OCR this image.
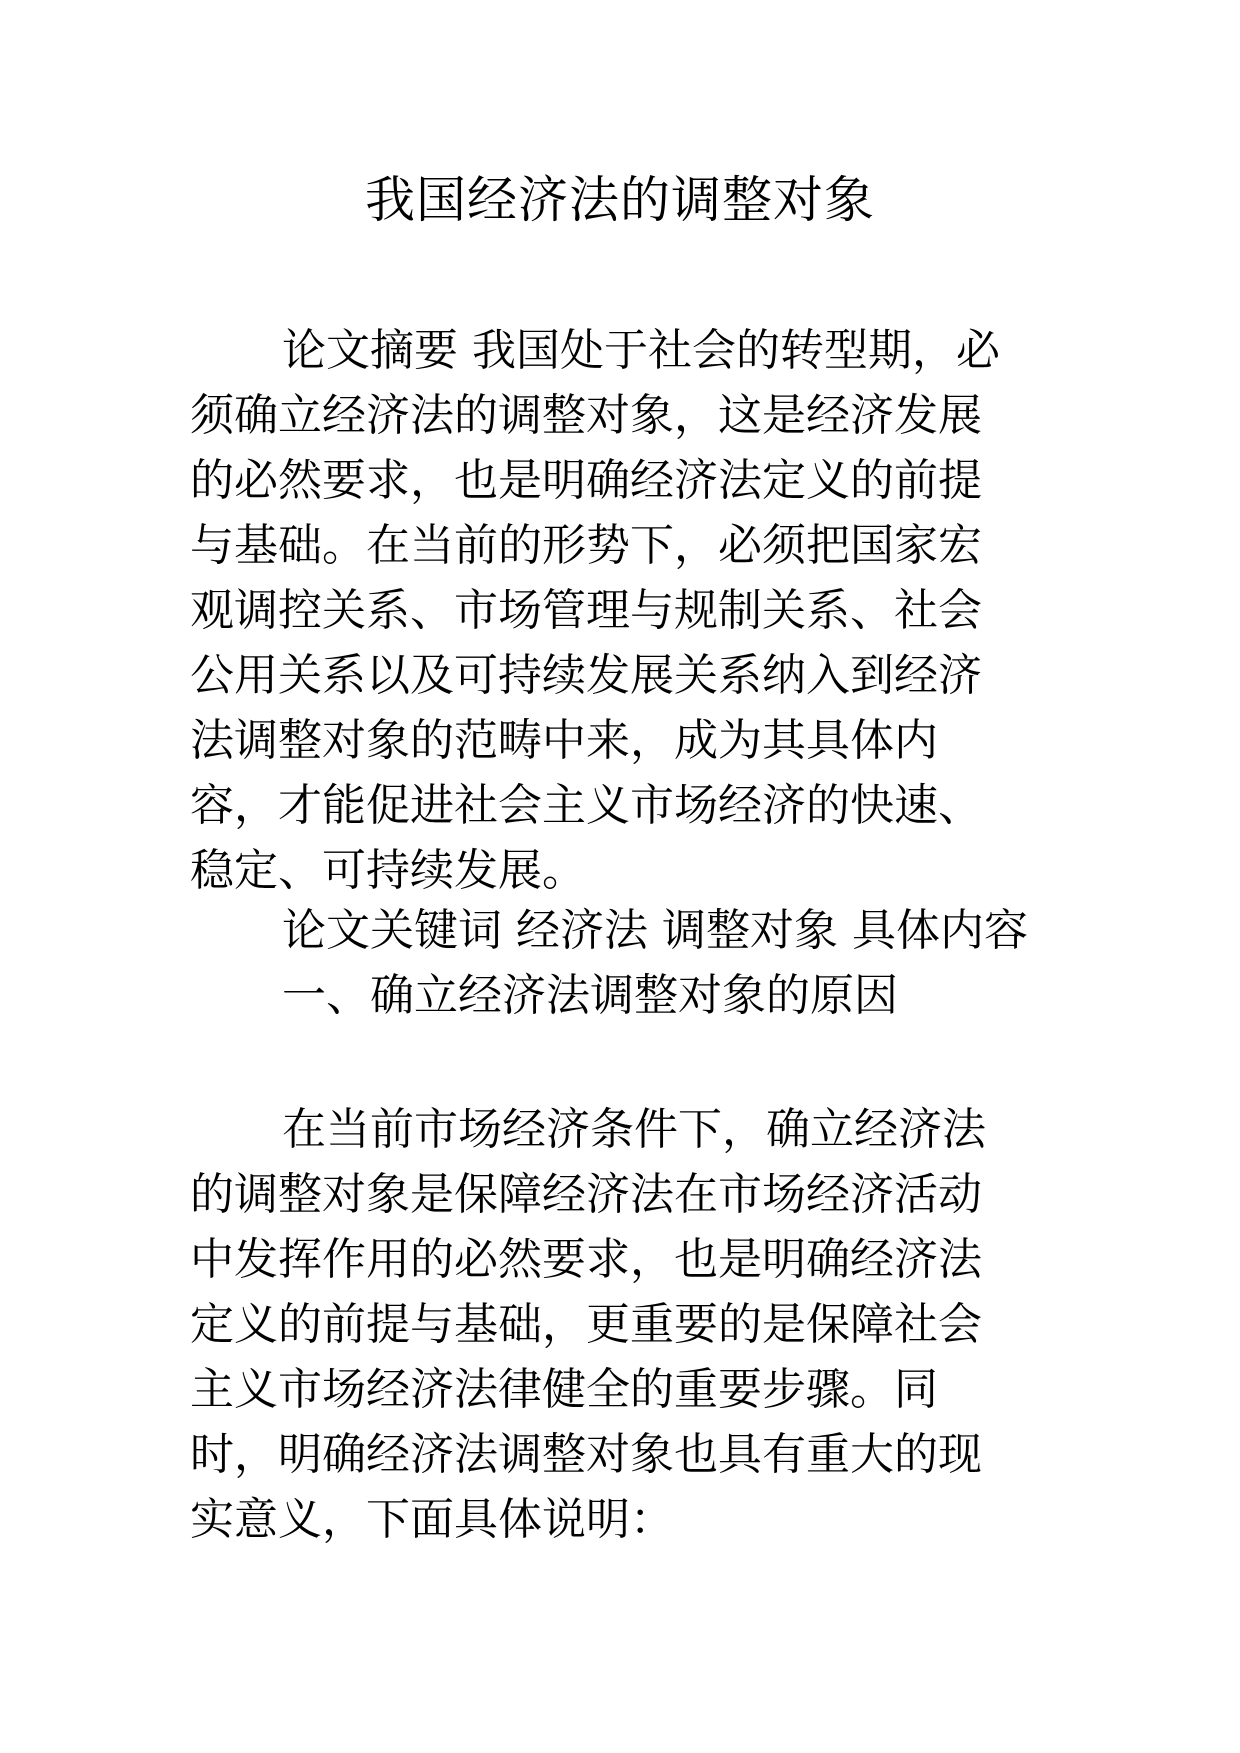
我国经济法的调整对象
论文摘要 我国处于社会的转型期，必
须确立经济法的调整对象，这是经济发展
的必然要求，也是明确经济法定义的前提
与基础。在当前的形势下，必须把国家宏
观调控关系、市场管理与规制关系、社会
公用关系以及可持续发展关系纳入到经济
法调整对象的范畴中来，成为其具体内
容，才能促进社会主义市场经济的快速、
稳定、可持续发展。
论文关键词 经济法 调整对象 具体内容
一、确立经济法调整对象的原因
在当前市场经济条件下，确立经济法
的调整对象是保障经济法在市场经济活动
中发挥作用的必然要求，也是明确经济法
定义的前提与基础，更重要的是保障社会
主义市场经济法律健全的重要步骤。同
时，明确经济法调整对象也具有重大的现
实意义，下面具体说明：
